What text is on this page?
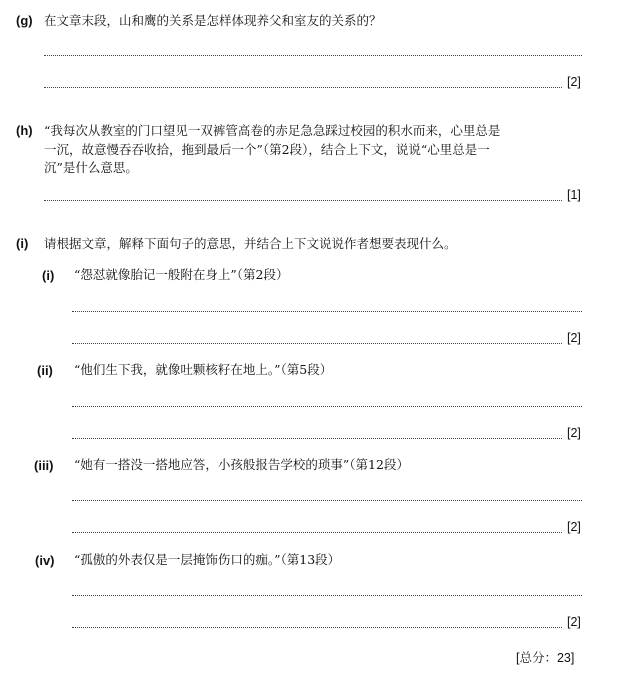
(g) 在文章末段，山和鹰的关系是怎样体现养父和室友的关系的？
[2]
(h) “我每次从教室的门口望见一双裤管高卷的赤足急急踩过校园的积水而来，心里总是
一沉，故意慢吞吞收拾，拖到最后一个”（第2段），结合上下文，说说“心里总是一
沉”是什么意思。
[1]
(i) 请根据文章，解释下面句子的意思，并结合上下文说说作者想要表现什么。
(i) “怨怼就像胎记一般附在身上”（第2段）
[2]
(ii) “他们生下我，就像吐颗核籽在地上。”（第5段）
[2]
(iii) “她有一搭没一搭地应答，小孩般报告学校的琐事”（第12段）
[2]
(iv) “孤傲的外表仅是一层掩饰伤口的痂。”（第13段）
[2]
[总分：23]
